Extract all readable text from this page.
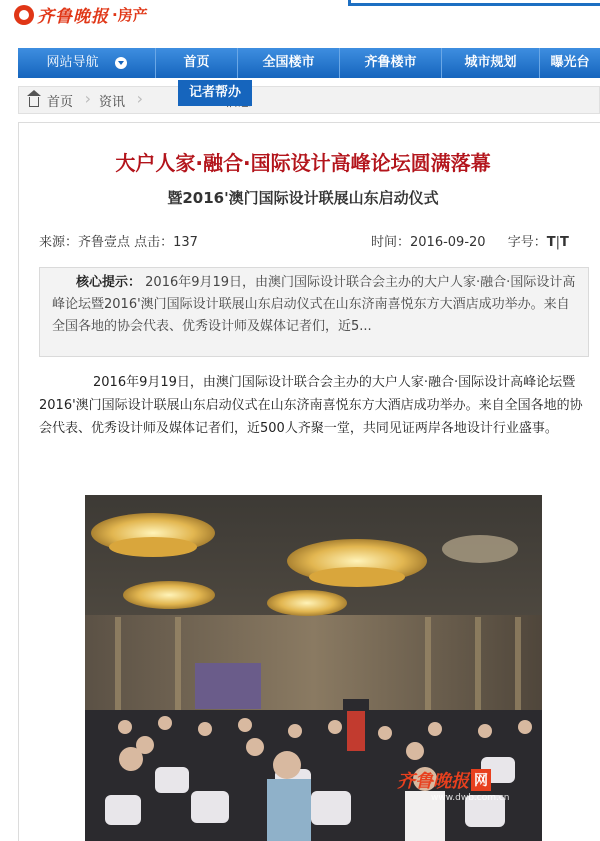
齐鲁晚报 ·房产
网站导航	首页	全国楼市	齐鲁楼市	城市规划	曝光台
首页 ›	资讯 ›
记者帮办
大户人家·融合·国际设计高峰论坛圆满落幕
暨2016'澳门国际设计联展山东启动仪式
来源：齐鲁壹点 点击：137	时间：2016-09-20 字号：T|T
核心提示： 2016年9月19日，由澳门国际设计联合会主办的大户人家·融合·国际设计高峰论坛暨2016'澳门国际设计联展山东启动仪式在山东济南喜悦东方大酒店成功举办。来自全国各地的协会代表、优秀设计师及媒体记者们，近5...

2016年9月19日，由澳门国际设计联合会主办的大户人家·融合·国际设计高峰论坛暨2016'澳门国际设计联展山东启动仪式在山东济南喜悦东方大酒店成功举办。来自全国各地的协会代表、优秀设计师及媒体记者们，近500人齐聚一堂，共同见证两岸各地设计行业盛事。

齐鲁晚报 网
www.dwb.com.cn
